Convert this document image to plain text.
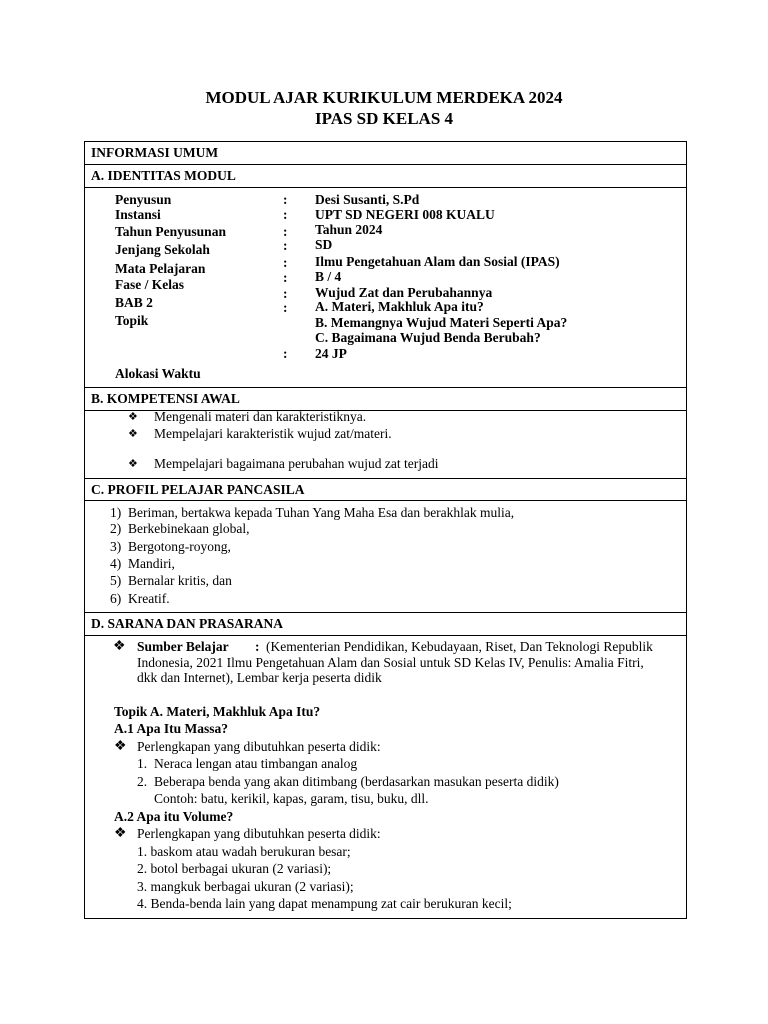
MODUL AJAR KURIKULUM MERDEKA 2024
IPAS SD KELAS 4
INFORMASI UMUM
A. IDENTITAS MODUL
B. KOMPETENSI AWAL
C. PROFIL PELAJAR PANCASILA
D. SARANA DAN PRASARANA
Penyusun
Instansi
Tahun Penyusunan
Jenjang Sekolah
Mata Pelajaran
Fase / Kelas
BAB 2
Topik
Alokasi Waktu
:
:
:
:
:
:
:
:
:
Desi Susanti, S.Pd
UPT SD NEGERI 008 KUALU
Tahun 2024
SD
Ilmu Pengetahuan Alam dan Sosial (IPAS)
B / 4
Wujud Zat dan Perubahannya
A. Materi, Makhluk Apa itu?
B. Memangnya Wujud Materi Seperti Apa?
C. Bagaimana Wujud Benda Berubah?
24 JP
❖ Mengenali materi dan karakteristiknya.
❖ Mempelajari karakteristik wujud zat/materi.
❖ Mempelajari bagaimana perubahan wujud zat terjadi
1) Beriman, bertakwa kepada Tuhan Yang Maha Esa dan berakhlak mulia,
2) Berkebinekaan global,
3) Bergotong-royong,
4) Mandiri,
5) Bernalar kritis, dan
6) Kreatif.
❖ Sumber Belajar : (Kementerian Pendidikan, Kebudayaan, Riset, Dan Teknologi Republik
Indonesia, 2021 Ilmu Pengetahuan Alam dan Sosial untuk SD Kelas IV, Penulis: Amalia Fitri,
dkk dan Internet), Lembar kerja peserta didik
Topik A. Materi, Makhluk Apa Itu?
A.1 Apa Itu Massa?
❖ Perlengkapan yang dibutuhkan peserta didik:
1. Neraca lengan atau timbangan analog
2. Beberapa benda yang akan ditimbang (berdasarkan masukan peserta didik)
Contoh: batu, kerikil, kapas, garam, tisu, buku, dll.
A.2 Apa itu Volume?
❖ Perlengkapan yang dibutuhkan peserta didik:
1. baskom atau wadah berukuran besar;
2. botol berbagai ukuran (2 variasi);
3. mangkuk berbagai ukuran (2 variasi);
4. Benda-benda lain yang dapat menampung zat cair berukuran kecil;
